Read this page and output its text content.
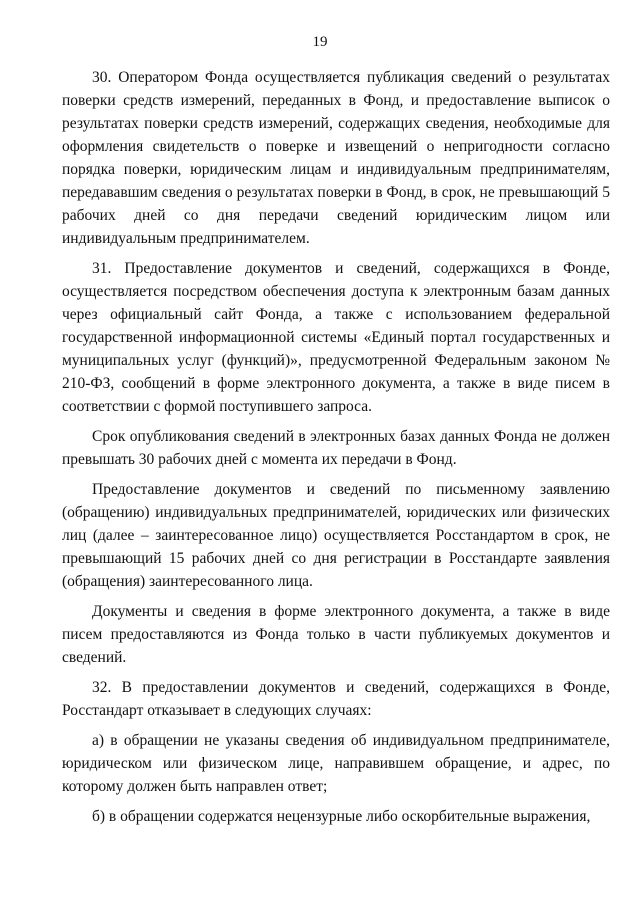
19

30. Оператором Фонда осуществляется публикация сведений о результатах поверки средств измерений, переданных в Фонд, и предоставление выписок о результатах поверки средств измерений, содержащих сведения, необходимые для оформления свидетельств о поверке и извещений о непригодности согласно порядка поверки, юридическим лицам и индивидуальным предпринимателям, передававшим сведения о результатах поверки в Фонд, в срок, не превышающий 5 рабочих дней со дня передачи сведений юридическим лицом или индивидуальным предпринимателем.

31. Предоставление документов и сведений, содержащихся в Фонде, осуществляется посредством обеспечения доступа к электронным базам данных через официальный сайт Фонда, а также с использованием федеральной государственной информационной системы «Единый портал государственных и муниципальных услуг (функций)», предусмотренной Федеральным законом № 210-ФЗ, сообщений в форме электронного документа, а также в виде писем в соответствии с формой поступившего запроса.

Срок опубликования сведений в электронных базах данных Фонда не должен превышать 30 рабочих дней с момента их передачи в Фонд.

Предоставление документов и сведений по письменному заявлению (обращению) индивидуальных предпринимателей, юридических или физических лиц (далее – заинтересованное лицо) осуществляется Росстандартом в срок, не превышающий 15 рабочих дней со дня регистрации в Росстандарте заявления (обращения) заинтересованного лица.

Документы и сведения в форме электронного документа, а также в виде писем предоставляются из Фонда только в части публикуемых документов и сведений.

32. В предоставлении документов и сведений, содержащихся в Фонде, Росстандарт отказывает в следующих случаях:

а) в обращении не указаны сведения об индивидуальном предпринимателе, юридическом или физическом лице, направившем обращение, и адрес, по которому должен быть направлен ответ;

б) в обращении содержатся нецензурные либо оскорбительные выражения,
